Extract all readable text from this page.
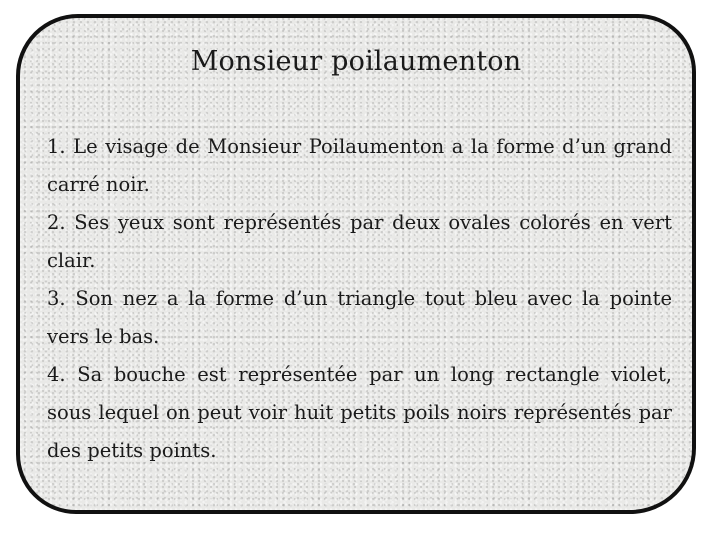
Monsieur poilaumenton

1. Le visage de Monsieur Poilaumenton a la forme d’un grand carré noir.

2. Ses yeux sont représentés par deux ovales colorés en vert clair.

3. Son nez a la forme d’un triangle tout bleu avec la pointe vers le bas.

4. Sa bouche est représentée par un long rectangle violet, sous lequel on peut voir huit petits poils noirs représentés par des petits points.
